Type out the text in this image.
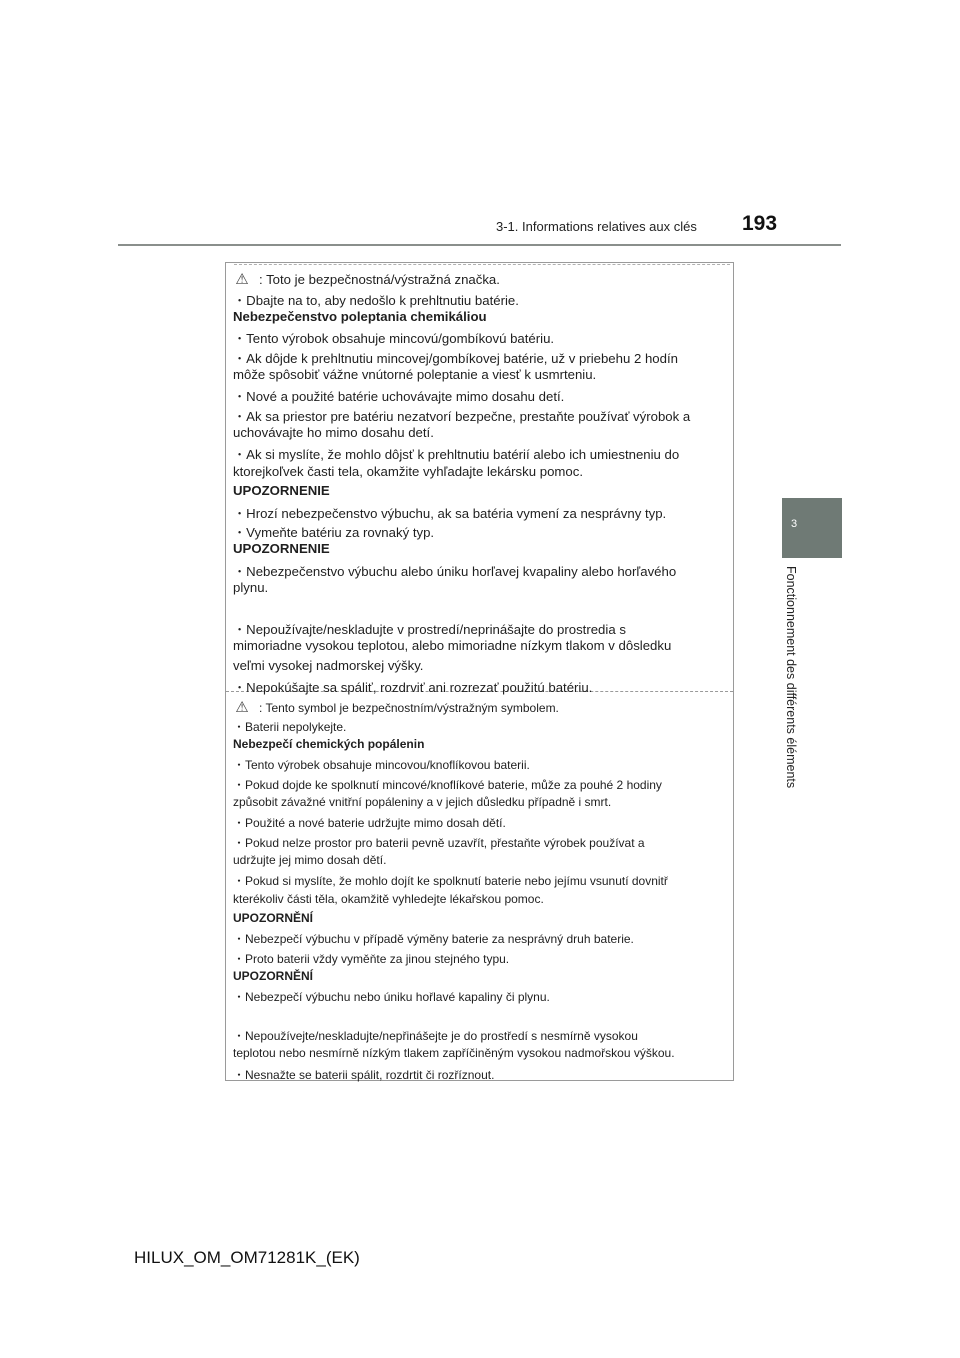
3-1. Informations relatives aux clés 193
3
Fonctionnement des différents éléments
⚠ : Toto je bezpečnostná/výstražná značka.
・Dbajte na to, aby nedošlo k prehltnutiu batérie.
Nebezpečenstvo poleptania chemikáliou
・Tento výrobok obsahuje mincovú/gombíkovú batériu.
・Ak dôjde k prehltnutiu mincovej/gombíkovej batérie, už v priebehu 2 hodín
môže spôsobiť vážne vnútorné poleptanie a viesť k usmrteniu.
・Nové a použité batérie uchovávajte mimo dosahu detí.
・Ak sa priestor pre batériu nezatvorí bezpečne, prestaňte používať výrobok a
uchovávajte ho mimo dosahu detí.
・Ak si myslíte, že mohlo dôjsť k prehltnutiu batérií alebo ich umiestneniu do
ktorejkoľvek časti tela, okamžite vyhľadajte lekársku pomoc.
UPOZORNENIE
・Hrozí nebezpečenstvo výbuchu, ak sa batéria vymení za nesprávny typ.
・Vymeňte batériu za rovnaký typ.
UPOZORNENIE
・Nebezpečenstvo výbuchu alebo úniku horľavej kvapaliny alebo horľavého
plynu.
・Nepoužívajte/neskladujte v prostredí/neprinášajte do prostredia s
mimoriadne vysokou teplotou, alebo mimoriadne nízkym tlakom v dôsledku
veľmi vysokej nadmorskej výšky.
・Nepokúšajte sa spáliť, rozdrviť ani rozrezať použitú batériu.
⚠ : Tento symbol je bezpečnostním/výstražným symbolem.
・Baterii nepolykejte.
Nebezpečí chemických popálenin
・Tento výrobek obsahuje mincovou/knoflíkovou baterii.
・Pokud dojde ke spolknutí mincové/knoflíkové baterie, může za pouhé 2 hodiny
způsobit závažné vnitřní popáleniny a v jejich důsledku případně i smrt.
・Použité a nové baterie udržujte mimo dosah dětí.
・Pokud nelze prostor pro baterii pevně uzavřít, přestaňte výrobek používat a
udržujte jej mimo dosah dětí.
・Pokud si myslíte, že mohlo dojít ke spolknutí baterie nebo jejímu vsunutí dovnitř
kterékoliv části těla, okamžitě vyhledejte lékařskou pomoc.
UPOZORNĚNÍ
・Nebezpečí výbuchu v případě výměny baterie za nesprávný druh baterie.
・Proto baterii vždy vyměňte za jinou stejného typu.
UPOZORNĚNÍ
・Nebezpečí výbuchu nebo úniku hořlavé kapaliny či plynu.
・Nepoužívejte/neskladujte/nepřinášejte je do prostředí s nesmírně vysokou
teplotou nebo nesmírně nízkým tlakem zapříčiněným vysokou nadmořskou výškou.
・Nesnažte se baterii spálit, rozdrtit či rozříznout.
HILUX_OM_OM71281K_(EK)
